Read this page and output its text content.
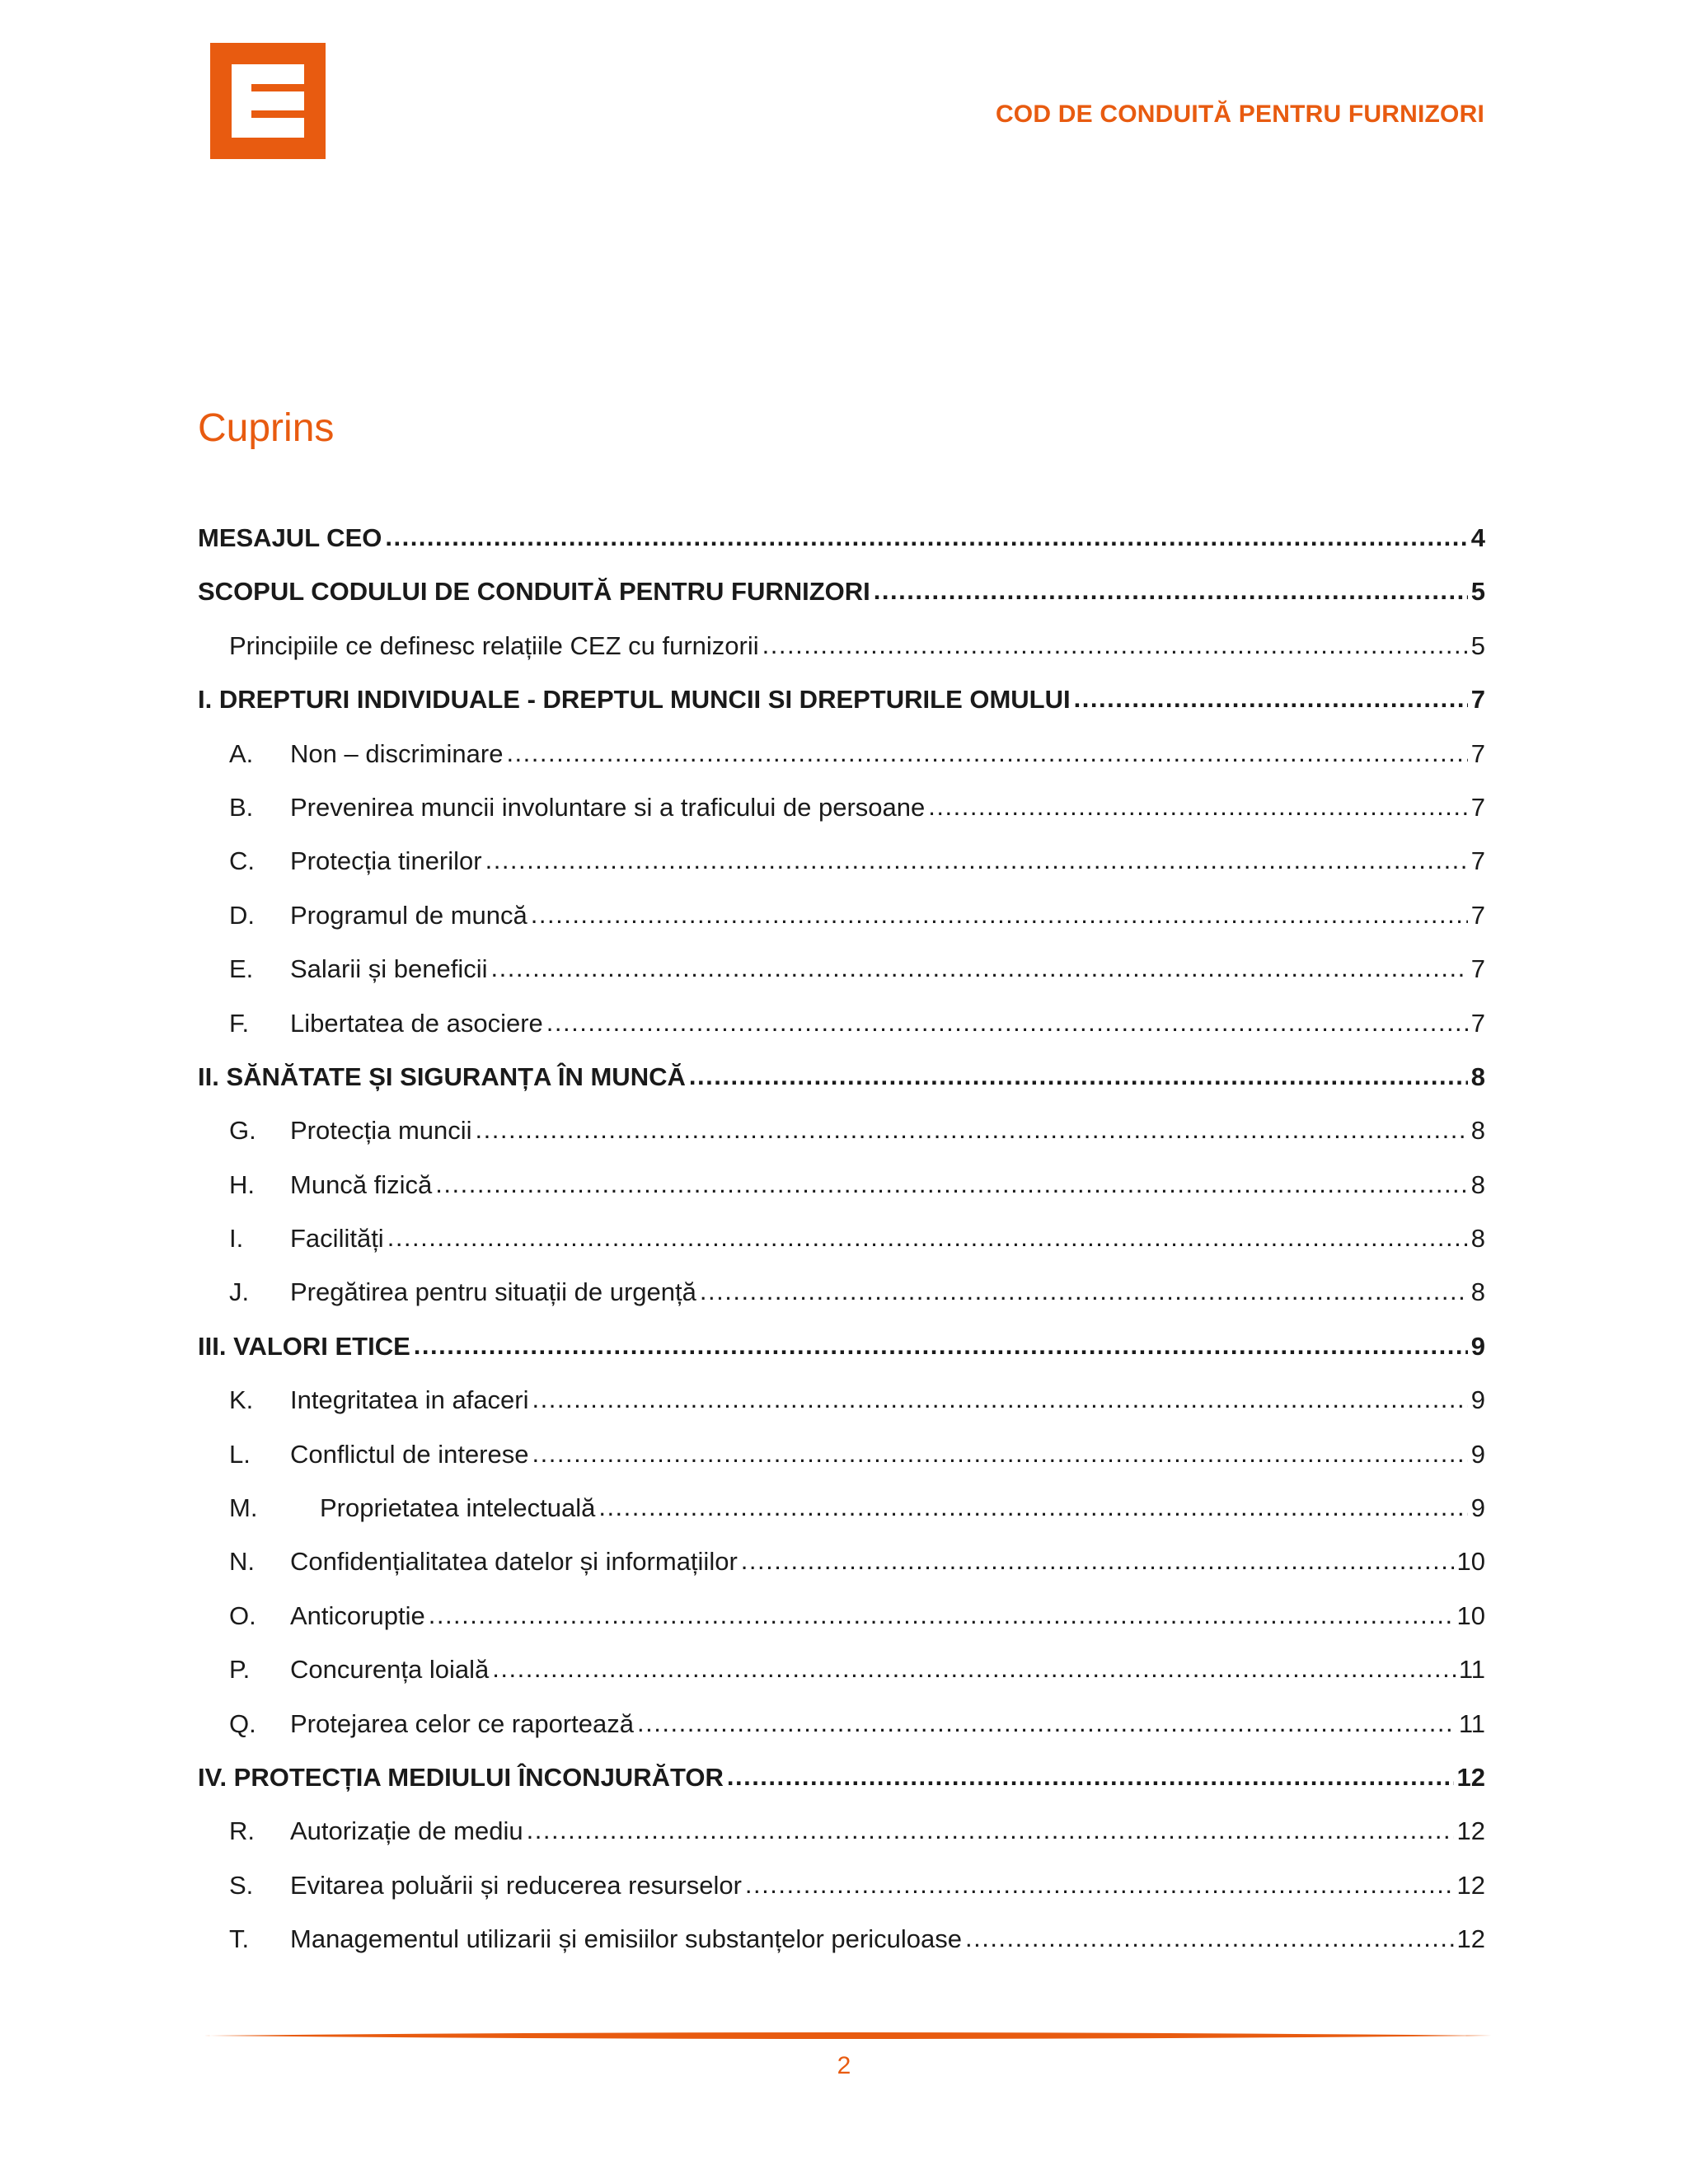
COD DE CONDUITĂ PENTRU FURNIZORI
Cuprins
MESAJUL CEO .....	4
SCOPUL CODULUI DE CONDUITĂ PENTRU FURNIZORI .....	5
Principiile ce definesc relațiile CEZ cu furnizorii .....	5
I. DREPTURI INDIVIDUALE - DREPTUL MUNCII SI DREPTURILE OMULUI .....	7
A.	Non – discriminare .....	7
B.	Prevenirea muncii involuntare si a traficului de persoane .....	7
C.	Protecția tinerilor .....	7
D.	Programul de muncă .....	7
E.	Salarii și beneficii .....	7
F.	Libertatea de asociere .....	7
II. SĂNĂTATE ȘI SIGURANȚA ÎN MUNCĂ .....	8
G.	Protecția muncii .....	8
H.	Muncă fizică .....	8
I.	Facilități .....	8
J.	Pregătirea pentru situații de urgență .....	8
III. VALORI ETICE .....	9
K.	Integritatea in afaceri .....	9
L.	Conflictul de interese .....	9
M.	Proprietatea intelectuală .....	9
N.	Confidențialitatea datelor și informațiilor .....	10
O.	Anticoruptie .....	10
P.	Concurența loială .....	11
Q.	Protejarea celor ce raportează .....	11
IV. PROTECȚIA MEDIULUI ÎNCONJURĂTOR .....	12
R.	Autorizație de mediu .....	12
S.	Evitarea poluării și reducerea resurselor .....	12
T.	Managementul utilizarii și emisiilor substanțelor periculoase .....	12
2
